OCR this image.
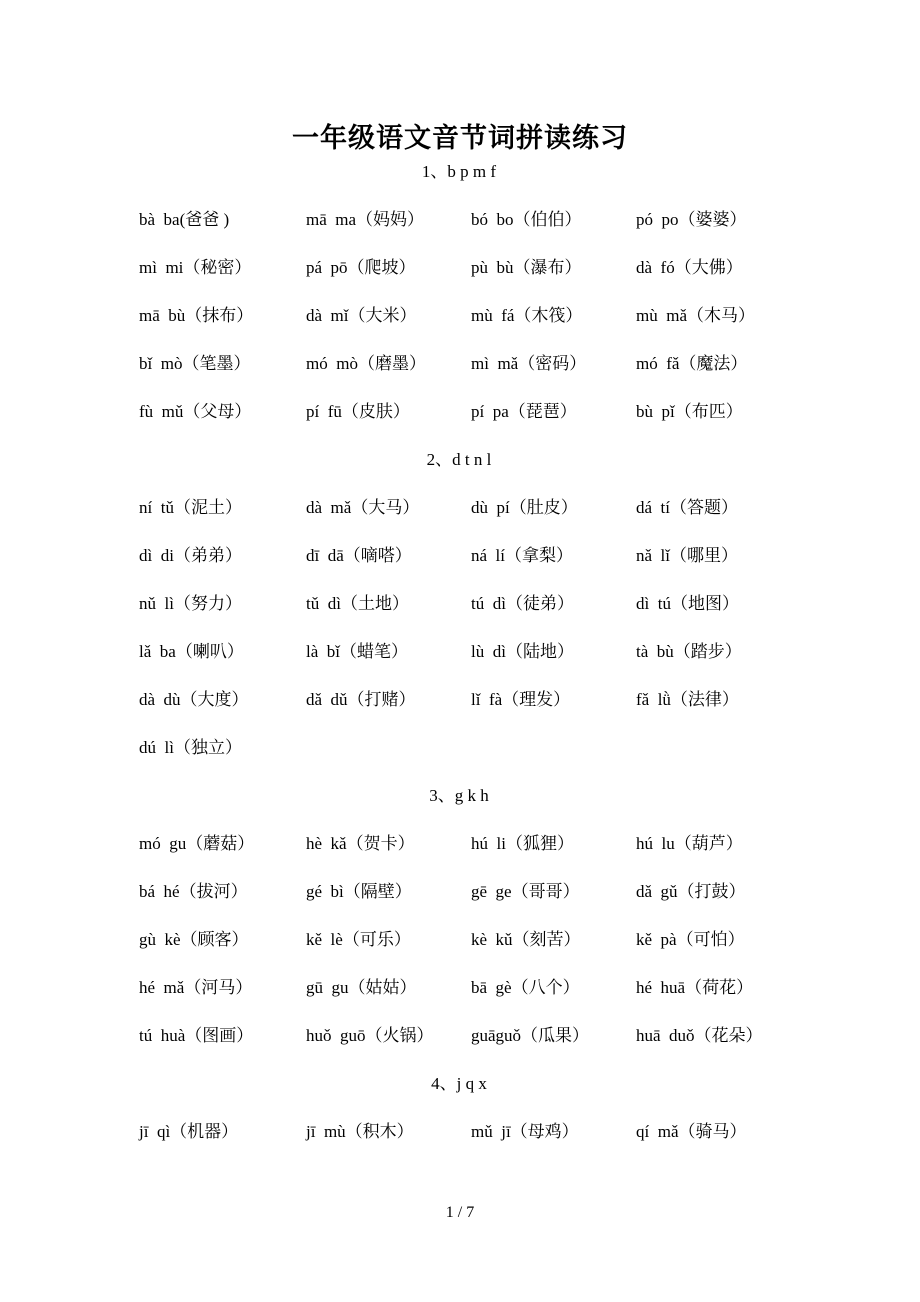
一年级语文音节词拼读练习
1、b p m f
bà  ba(爸爸 )	mā  ma（妈妈）	bó  bo（伯伯）	pó  po（婆婆）
mì  mi（秘密）	pá  pō（爬坡）	pù  bù（瀑布）	dà  fó（大佛）
mā  bù（抹布）	dà  mǐ（大米）	mù  fá（木筏）	mù  mǎ（木马）
bǐ  mò（笔墨）	mó  mò（磨墨）	mì  mǎ（密码）	mó  fǎ（魔法）
fù  mǔ（父母）	pí  fū（皮肤）	pí  pa（琵琶）	bù  pǐ（布匹）
2、d t n l
ní  tǔ（泥土）	dà  mǎ（大马）	dù  pí（肚皮）	dá  tí（答题）
dì  di（弟弟）	dī  dā（嘀嗒）	ná  lí（拿梨）	nǎ  lǐ（哪里）
nǔ  lì（努力）	tǔ  dì（土地）	tú  dì（徒弟）	dì  tú（地图）
lǎ  ba（喇叭）	là  bǐ（蜡笔）	lù  dì（陆地）	tà  bù（踏步）
dà  dù（大度）	dǎ  dǔ（打赌）	lǐ  fà（理发）	fǎ  lǜ（法律）
dú  lì（独立）
3、g k h
mó  gu（蘑菇）	hè  kǎ（贺卡）	hú  li（狐狸）	hú  lu（葫芦）
bá  hé（拔河）	gé  bì（隔壁）	gē  ge（哥哥）	dǎ  gǔ（打鼓）
gù  kè（顾客）	kě  lè（可乐）	kè  kǔ（刻苦）	kě  pà（可怕）
hé  mǎ（河马）	gū  gu（姑姑）	bā  gè（八个）	hé  huā（荷花）
tú  huà（图画）	huǒ  guō（火锅）	guāguǒ（瓜果）	huā  duǒ（花朵）
4、j q x
jī  qì（机器）	jī  mù（积木）	mǔ  jī（母鸡）	qí  mǎ（骑马）
1 / 7
